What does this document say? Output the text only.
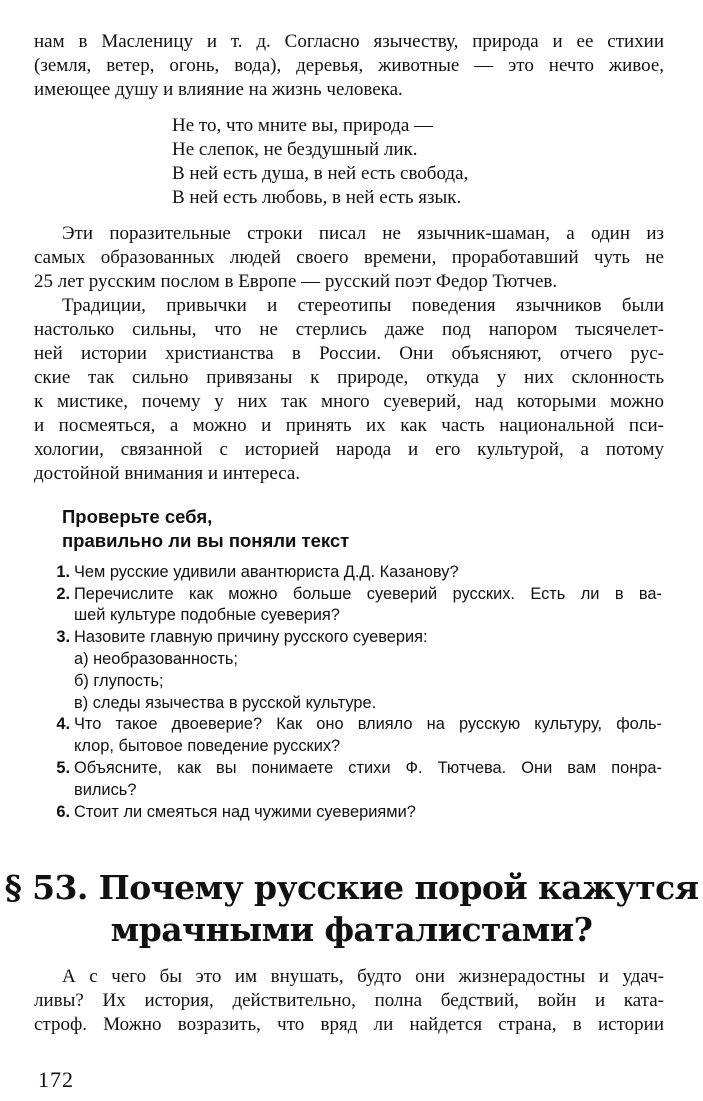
нам в Масленицу и т. д. Согласно язычеству, природа и ее стихии
(земля, ветер, огонь, вода), деревья, животные — это нечто живое,
имеющее душу и влияние на жизнь человека.
Не то, что мните вы, природа —
Не слепок, не бездушный лик.
В ней есть душа, в ней есть свобода,
В ней есть любовь, в ней есть язык.
Эти поразительные строки писал не язычник-шаман, а один из
самых образованных людей своего времени, проработавший чуть не
25 лет русским послом в Европе — русский поэт Федор Тютчев.
Традиции, привычки и стереотипы поведения язычников были
настолько сильны, что не стерлись даже под напором тысячелет-
ней истории христианства в России. Они объясняют, отчего рус-
ские так сильно привязаны к природе, откуда у них склонность
к мистике, почему у них так много суеверий, над которыми можно
и посмеяться, а можно и принять их как часть национальной пси-
хологии, связанной с историей народа и его культурой, а потому
достойной внимания и интереса.
Проверьте себя,
правильно ли вы поняли текст
1. Чем русские удивили авантюриста Д.Д. Казанову?
2. Перечислите как можно больше суеверий русских. Есть ли в ва-
шей культуре подобные суеверия?
3. Назовите главную причину русского суеверия:
а) необразованность;
б) глупость;
в) следы язычества в русской культуре.
4. Что такое двоеверие? Как оно влияло на русскую культуру, фоль-
клор, бытовое поведение русских?
5. Объясните, как вы понимаете стихи Ф. Тютчева. Они вам понра-
вились?
6. Стоит ли смеяться над чужими суевериями?
§ 53. Почему русские порой кажутся
мрачными фаталистами?
А с чего бы это им внушать, будто они жизнерадостны и удач-
ливы? Их история, действительно, полна бедствий, войн и ката-
строф. Можно возразить, что вряд ли найдется страна, в истории
172
